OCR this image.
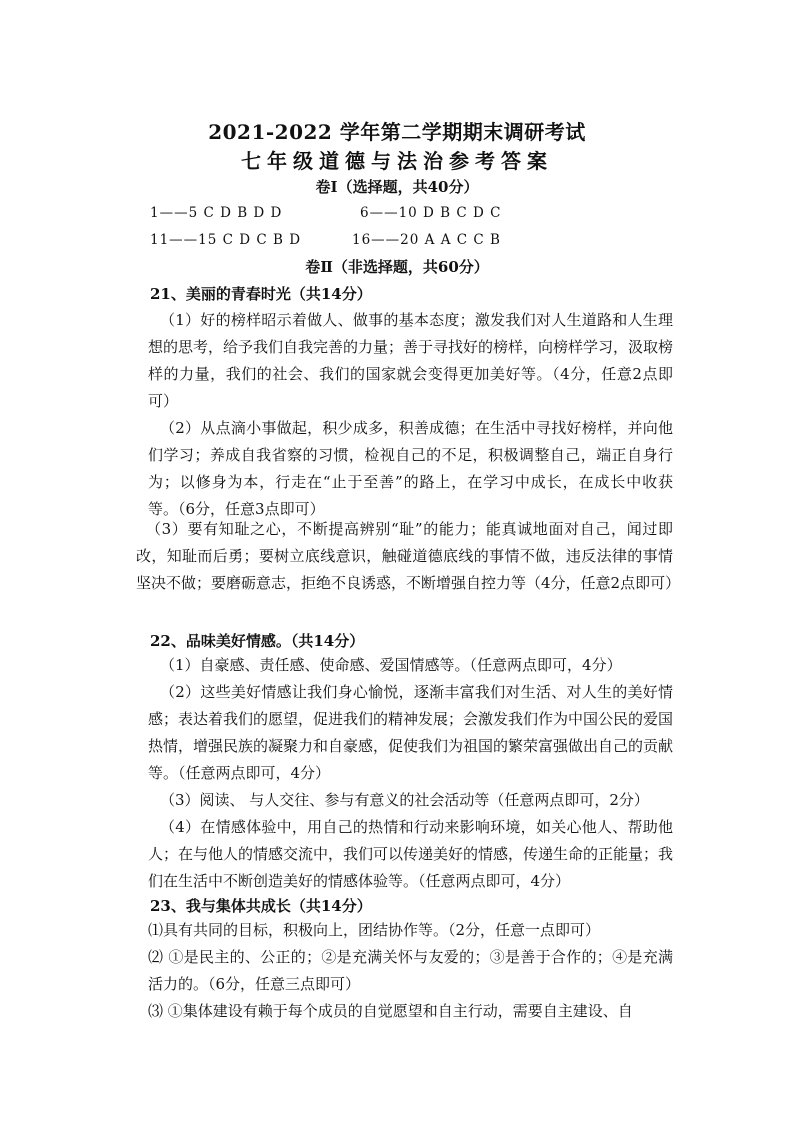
2021-2022 学年第二学期期末调研考试
七年级道德与法治参考答案
卷Ⅰ（选择题，共40分）
1——5 C D B D D	6——10 D B C D C
11——15 C D C B D	16——20 A A C C B
卷Ⅱ（非选择题，共60分）
21、美丽的青春时光（共14分）
（1）好的榜样昭示着做人、做事的基本态度；激发我们对人生道路和人生理想的思考，给予我们自我完善的力量；善于寻找好的榜样，向榜样学习，汲取榜样的力量，我们的社会、我们的国家就会变得更加美好等。（4分，任意2点即可）
（2）从点滴小事做起，积少成多，积善成德；在生活中寻找好榜样，并向他们学习；养成自我省察的习惯，检视自己的不足，积极调整自己，端正自身行为；以修身为本，行走在“止于至善”的路上，在学习中成长，在成长中收获等。（6分，任意3点即可）
（3）要有知耻之心，不断提高辨别“耻”的能力；能真诚地面对自己，闻过即改，知耻而后勇；要树立底线意识，触碰道德底线的事情不做，违反法律的事情坚决不做；要磨砺意志，拒绝不良诱惑，不断增强自控力等（4分，任意2点即可）
22、品味美好情感。（共14分）
（1）自豪感、责任感、使命感、爱国情感等。（任意两点即可，4分）
（2）这些美好情感让我们身心愉悦，逐渐丰富我们对生活、对人生的美好情感；表达着我们的愿望，促进我们的精神发展；会激发我们作为中国公民的爱国热情，增强民族的凝聚力和自豪感，促使我们为祖国的繁荣富强做出自己的贡献等。（任意两点即可，4分）
（3）阅读、 与人交往、参与有意义的社会活动等（任意两点即可，2分）
（4）在情感体验中，用自己的热情和行动来影响环境，如关心他人、帮助他人；在与他人的情感交流中，我们可以传递美好的情感，传递生命的正能量；我们在生活中不断创造美好的情感体验等。（任意两点即可，4分）
23、我与集体共成长（共14分）
⑴具有共同的目标，积极向上，团结协作等。（2分，任意一点即可）
⑵ ①是民主的、公正的；②是充满关怀与友爱的；③是善于合作的；④是充满活力的。（6分，任意三点即可）
⑶ ①集体建设有赖于每个成员的自觉愿望和自主行动，需要自主建设、自
